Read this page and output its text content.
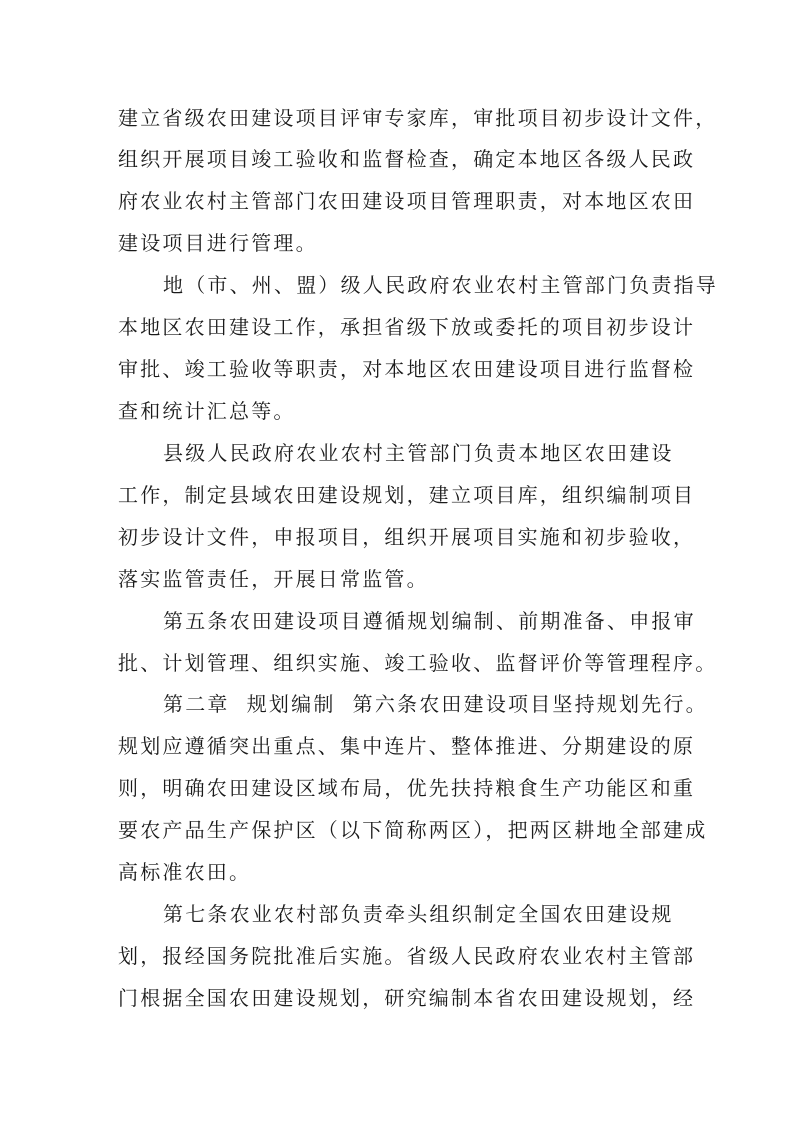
建立省级农田建设项目评审专家库，审批项目初步设计文件，
组织开展项目竣工验收和监督检查，确定本地区各级人民政
府农业农村主管部门农田建设项目管理职责，对本地区农田
建设项目进行管理。
地（市、州、盟）级人民政府农业农村主管部门负责指导
本地区农田建设工作，承担省级下放或委托的项目初步设计
审批、竣工验收等职责，对本地区农田建设项目进行监督检
查和统计汇总等。
县级人民政府农业农村主管部门负责本地区农田建设
工作，制定县域农田建设规划，建立项目库，组织编制项目
初步设计文件，申报项目，组织开展项目实施和初步验收，
落实监管责任，开展日常监管。
第五条农田建设项目遵循规划编制、前期准备、申报审
批、计划管理、组织实施、竣工验收、监督评价等管理程序。
第二章  规划编制  第六条农田建设项目坚持规划先行。
规划应遵循突出重点、集中连片、整体推进、分期建设的原
则，明确农田建设区域布局，优先扶持粮食生产功能区和重
要农产品生产保护区（以下简称两区），把两区耕地全部建成
高标准农田。
第七条农业农村部负责牵头组织制定全国农田建设规
划，报经国务院批准后实施。省级人民政府农业农村主管部
门根据全国农田建设规划，研究编制本省农田建设规划，经
